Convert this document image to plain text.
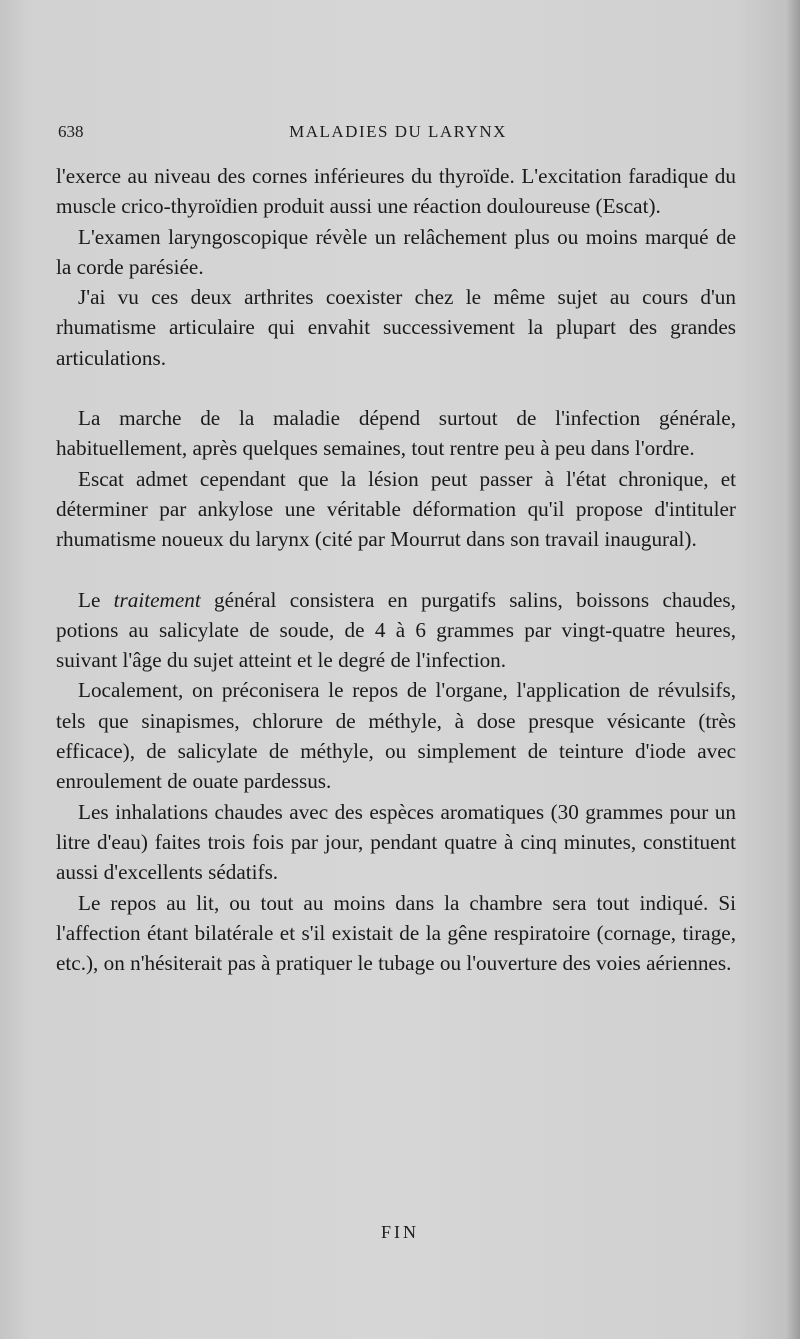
638	MALADIES DU LARYNX

l'exerce au niveau des cornes inférieures du thyroïde. L'excitation faradique du muscle crico-thyroïdien produit aussi une réaction douloureuse (Escat).

L'examen laryngoscopique révèle un relâchement plus ou moins marqué de la corde parésiée.

J'ai vu ces deux arthrites coexister chez le même sujet au cours d'un rhumatisme articulaire qui envahit successivement la plupart des grandes articulations.

La marche de la maladie dépend surtout de l'infection générale, habituellement, après quelques semaines, tout rentre peu à peu dans l'ordre.

Escat admet cependant que la lésion peut passer à l'état chronique, et déterminer par ankylose une véritable déformation qu'il propose d'intituler rhumatisme noueux du larynx (cité par Mourrut dans son travail inaugural).

Le traitement général consistera en purgatifs salins, boissons chaudes, potions au salicylate de soude, de 4 à 6 grammes par vingt-quatre heures, suivant l'âge du sujet atteint et le degré de l'infection.

Localement, on préconisera le repos de l'organe, l'application de révulsifs, tels que sinapismes, chlorure de méthyle, à dose presque vésicante (très efficace), de salicylate de méthyle, ou simplement de teinture d'iode avec enroulement de ouate pardessus.

Les inhalations chaudes avec des espèces aromatiques (30 grammes pour un litre d'eau) faites trois fois par jour, pendant quatre à cinq minutes, constituent aussi d'excellents sédatifs.

Le repos au lit, ou tout au moins dans la chambre sera tout indiqué. Si l'affection étant bilatérale et s'il existait de la gêne respiratoire (cornage, tirage, etc.), on n'hésiterait pas à pratiquer le tubage ou l'ouverture des voies aériennes.

FIN
